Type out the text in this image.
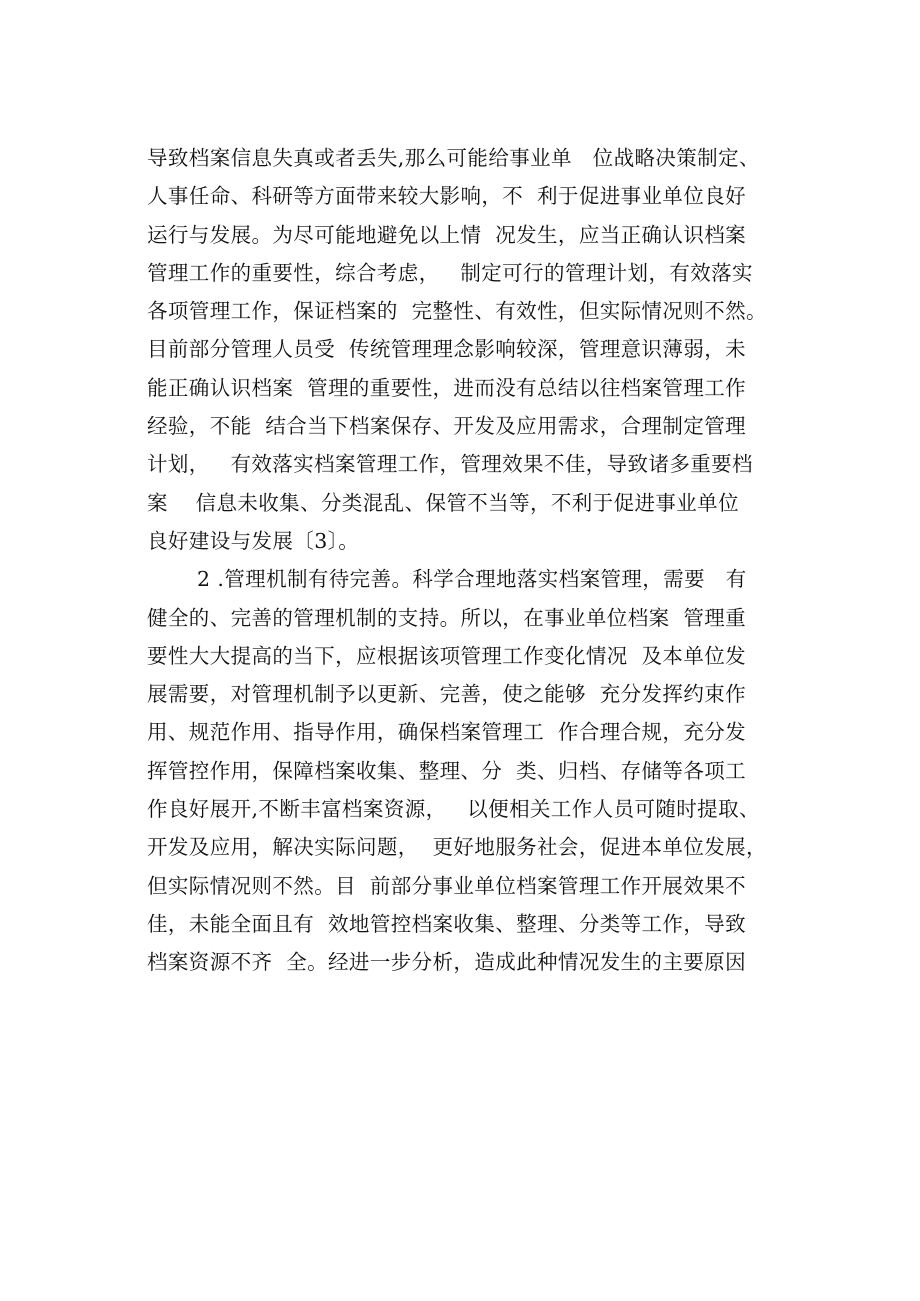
导致档案信息失真或者丢失,那么可能给事业单   位战略决策制定、
人事任命、科研等方面带来较大影响，不  利于促进事业单位良好
运行与发展。为尽可能地避免以上情  况发生，应当正确认识档案
管理工作的重要性，综合考虑，   制定可行的管理计划，有效落实
各项管理工作，保证档案的  完整性、有效性，但实际情况则不然。
目前部分管理人员受  传统管理理念影响较深，管理意识薄弱，未
能正确认识档案  管理的重要性，进而没有总结以往档案管理工作
经验，不能  结合当下档案保存、开发及应用需求，合理制定管理
计划，   有效落实档案管理工作，管理效果不佳，导致诸多重要档
案    信息未收集、分类混乱、保管不当等，不利于促进事业单位
良好建设与发展〔3〕。
2 .管理机制有待完善。科学合理地落实档案管理，需要   有
健全的、完善的管理机制的支持。所以，在事业单位档案  管理重
要性大大提高的当下，应根据该项管理工作变化情况  及本单位发
展需要，对管理机制予以更新、完善，使之能够  充分发挥约束作
用、规范作用、指导作用，确保档案管理工  作合理合规，充分发
挥管控作用，保障档案收集、整理、分  类、归档、存储等各项工
作良好展开,不断丰富档案资源，   以便相关工作人员可随时提取、
开发及应用，解决实际问题，  更好地服务社会，促进本单位发展，
但实际情况则不然。目  前部分事业单位档案管理工作开展效果不
佳，未能全面且有  效地管控档案收集、整理、分类等工作，导致
档案资源不齐  全。经进一步分析，造成此种情况发生的主要原因
